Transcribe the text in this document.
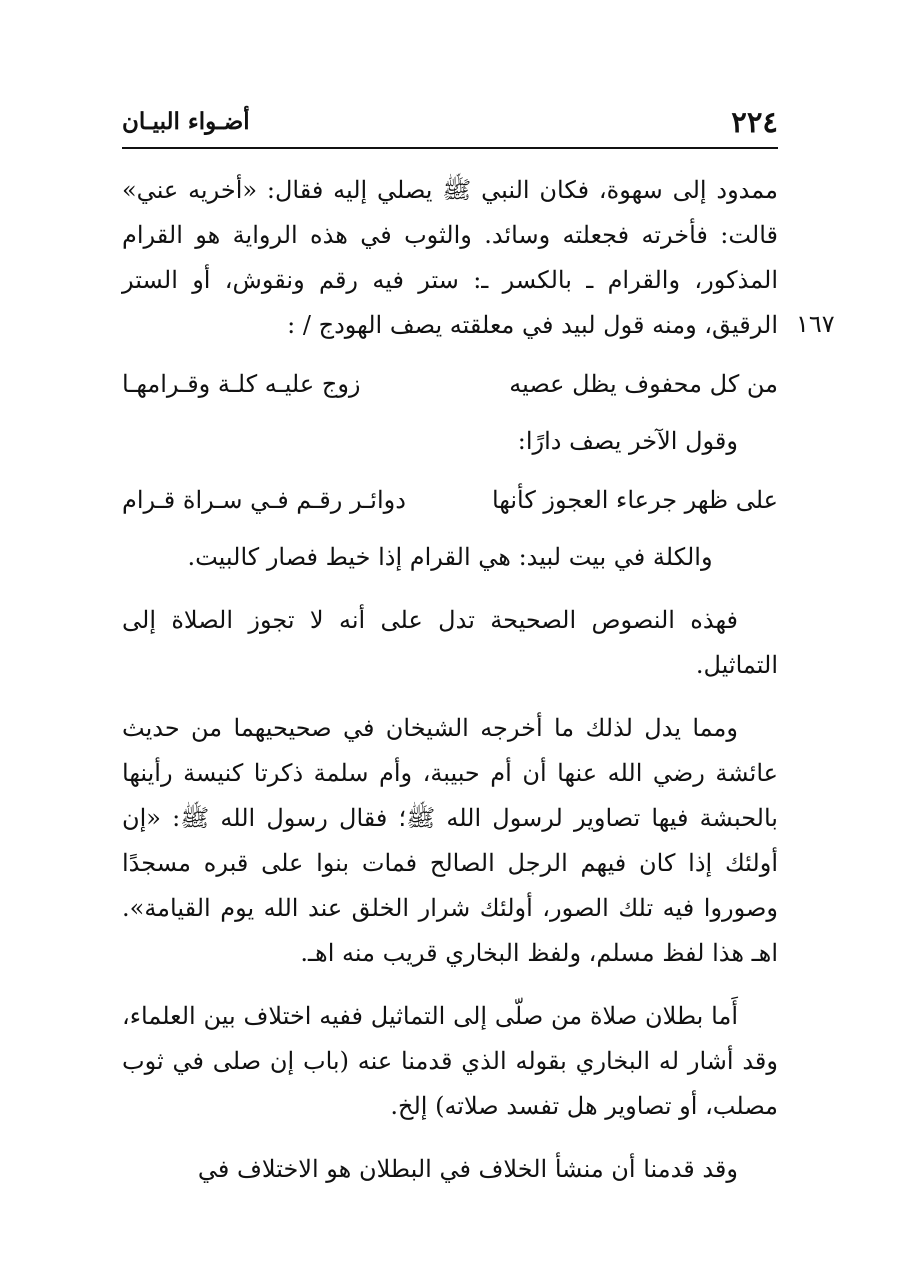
٢٢٤
أضـواء البيـان
١٦٧

ممدود إلى سهوة، فكان النبي ﷺ يصلي إليه فقال: «أخريه عني» قالت: فأخرته فجعلته وسائد. والثوب في هذه الرواية هو القرام المذكور، والقرام ـ بالكسر ـ: ستر فيه رقم ونقوش، أو الستر الرقيق، ومنه قول لبيد في معلقته يصف الهودج / :

من كل محفوف يظل عصيه
زوج عليـه كلـة وقـرامهـا

وقول الآخر يصف دارًا:

على ظهر جرعاء العجوز كأنها
دوائـر رقـم فـي سـراة قـرام
والكلة في بيت لبيد: هي القرام إذا خيط فصار كالبيت.

فهذه النصوص الصحيحة تدل على أنه لا تجوز الصلاة إلى التماثيل.

ومما يدل لذلك ما أخرجه الشيخان في صحيحيهما من حديث عائشة رضي الله عنها أن أم حبيبة، وأم سلمة ذكرتا كنيسة رأينها بالحبشة فيها تصاوير لرسول الله ﷺ؛ فقال رسول الله ﷺ: «إن أولئك إذا كان فيهم الرجل الصالح فمات بنوا على قبره مسجدًا وصوروا فيه تلك الصور، أولئك شرار الخلق عند الله يوم القيامة». اهـ هذا لفظ مسلم، ولفظ البخاري قريب منه اهـ.

أَما بطلان صلاة من صلّى إلى التماثيل ففيه اختلاف بين العلماء، وقد أشار له البخاري بقوله الذي قدمنا عنه (باب إن صلى في ثوب مصلب، أو تصاوير هل تفسد صلاته) إلخ.

وقد قدمنا أن منشأ الخلاف في البطلان هو الاختلاف في
